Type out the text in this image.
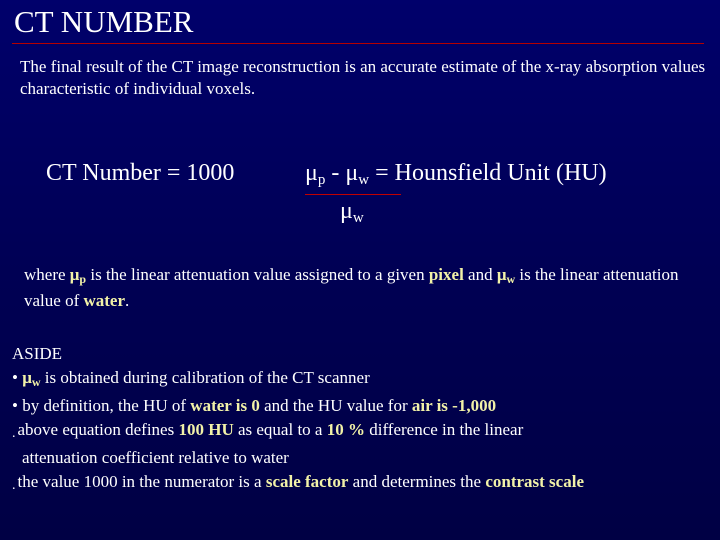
CT NUMBER
The final result of the CT image reconstruction is an accurate estimate of the x-ray absorption values characteristic of individual voxels.
CT Number = 1000	$\mu_p - \mu_w$ = Hounsfield Unit (HU)
$\mu_w$
where $\mu_p$ is the linear attenuation value assigned to a given pixel and $\mu_w$ is the linear attenuation value of water.

ASIDE

• $\mu_w$ is obtained during calibration of the CT scanner

• by definition, the HU of water is 0 and the HU value for air is -1,000

. above equation defines 100 HU as equal to a 10 % difference in the linear

attenuation coefficient relative to water

. the value 1000 in the numerator is a scale factor and determines the contrast scale
